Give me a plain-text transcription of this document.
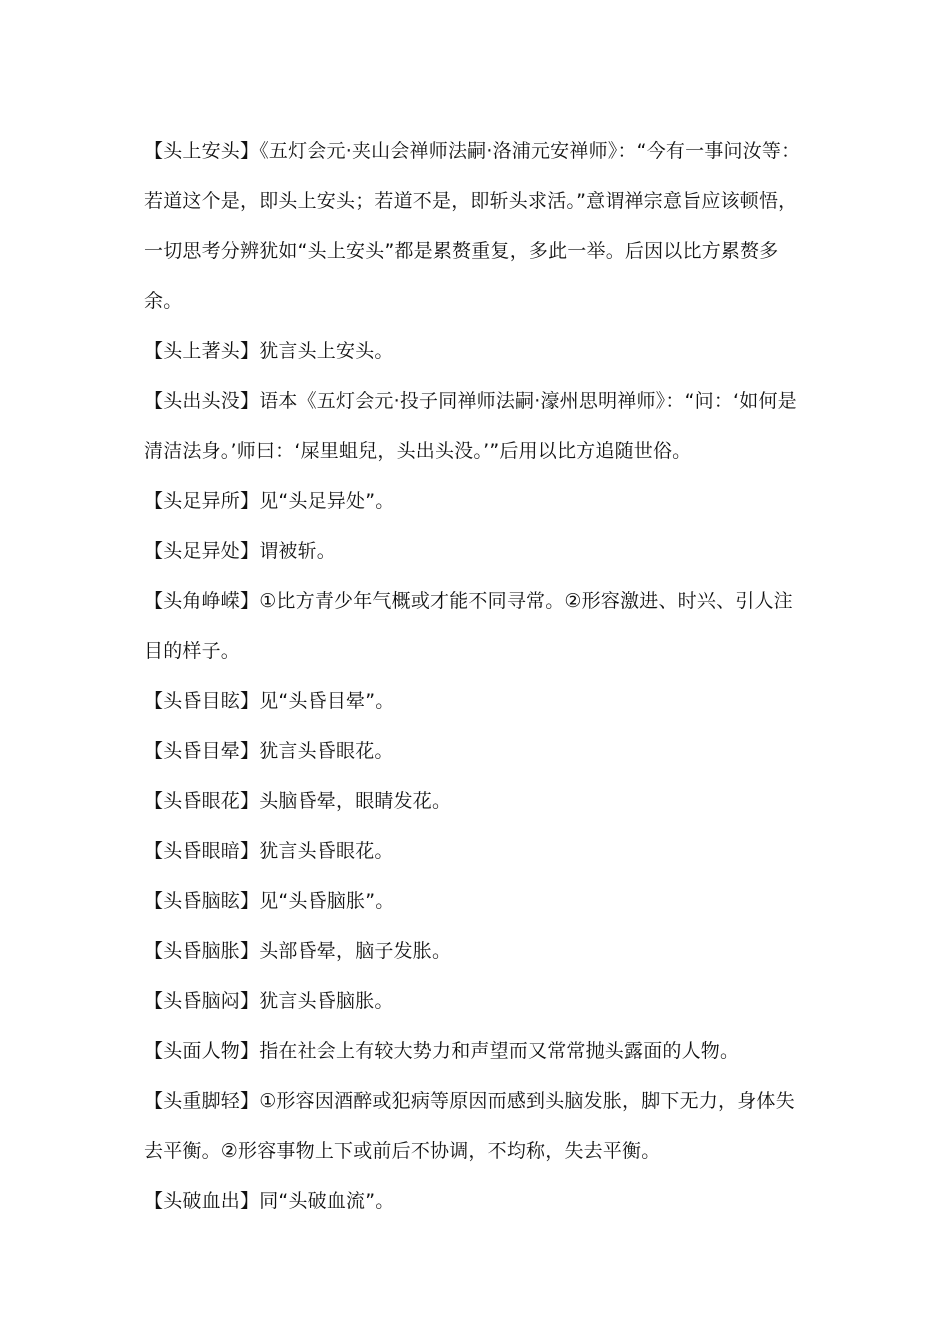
【头上安头】《五灯会元·夹山会禅师法嗣·洛浦元安禅师》：“今有一事问汝等：若道这个是，即头上安头；若道不是，即斩头求活。”意谓禅宗意旨应该顿悟，一切思考分辨犹如“头上安头”都是累赘重复，多此一举。后因以比方累赘多余。

【头上著头】犹言头上安头。

【头出头没】语本《五灯会元·投子同禅师法嗣·濠州思明禅师》：“问：‘如何是清洁法身。’师曰：‘屎里蛆兒，头出头没。’”后用以比方追随世俗。

【头足异所】见“头足异处”。

【头足异处】谓被斩。

【头角峥嵘】①比方青少年气概或才能不同寻常。②形容激进、时兴、引人注目的样子。

【头昏目眩】见“头昏目晕”。

【头昏目晕】犹言头昏眼花。

【头昏眼花】头脑昏晕，眼睛发花。

【头昏眼暗】犹言头昏眼花。

【头昏脑眩】见“头昏脑胀”。

【头昏脑胀】头部昏晕，脑子发胀。

【头昏脑闷】犹言头昏脑胀。

【头面人物】指在社会上有较大势力和声望而又常常抛头露面的人物。

【头重脚轻】①形容因酒醉或犯病等原因而感到头脑发胀，脚下无力，身体失去平衡。②形容事物上下或前后不协调，不均称，失去平衡。

【头破血出】同“头破血流”。
